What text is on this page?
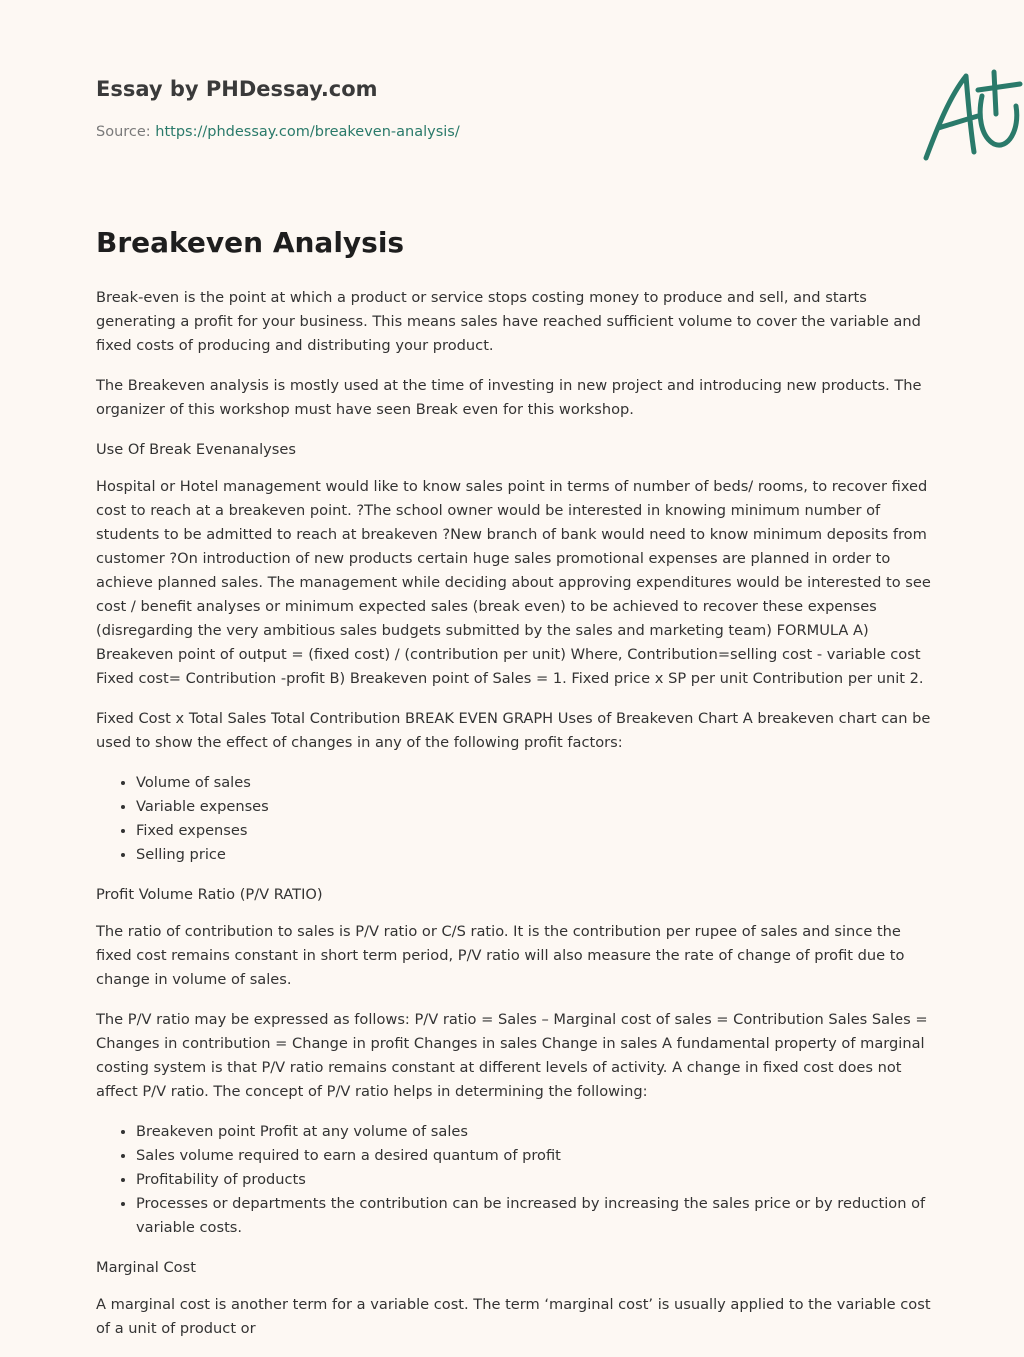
Essay by PHDessay.com
Source: https://phdessay.com/breakeven-analysis/
Breakeven Analysis

Break-even is the point at which a product or service stops costing money to produce and sell, and starts generating a profit for your business. This means sales have reached sufficient volume to cover the variable and fixed costs of producing and distributing your product.

The Breakeven analysis is mostly used at the time of investing in new project and introducing new products. The organizer of this workshop must have seen Break even for this workshop.

Use Of Break Evenanalyses

Hospital or Hotel management would like to know sales point in terms of number of beds/ rooms, to recover fixed cost to reach at a breakeven point. ?The school owner would be interested in knowing minimum number of students to be admitted to reach at breakeven ?New branch of bank would need to know minimum deposits from customer ?On introduction of new products certain huge sales promotional expenses are planned in order to achieve planned sales. The management while deciding about approving expenditures would be interested to see cost / benefit analyses or minimum expected sales (break even) to be achieved to recover these expenses (disregarding the very ambitious sales budgets submitted by the sales and marketing team) FORMULA A) Breakeven point of output = (fixed cost) / (contribution per unit) Where, Contribution=selling cost - variable cost Fixed cost= Contribution -profit B) Breakeven point of Sales = 1. Fixed price x SP per unit Contribution per unit 2.

Fixed Cost x Total Sales Total Contribution BREAK EVEN GRAPH Uses of Breakeven Chart A breakeven chart can be used to show the effect of changes in any of the following profit factors:

• Volume of sales
• Variable expenses
• Fixed expenses
• Selling price

Profit Volume Ratio (P/V RATIO)

The ratio of contribution to sales is P/V ratio or C/S ratio. It is the contribution per rupee of sales and since the fixed cost remains constant in short term period, P/V ratio will also measure the rate of change of profit due to change in volume of sales.

The P/V ratio may be expressed as follows: P/V ratio = Sales – Marginal cost of sales = Contribution Sales Sales = Changes in contribution = Change in profit Changes in sales Change in sales A fundamental property of marginal costing system is that P/V ratio remains constant at different levels of activity. A change in fixed cost does not affect P/V ratio. The concept of P/V ratio helps in determining the following:

• Breakeven point Profit at any volume of sales
• Sales volume required to earn a desired quantum of profit
• Profitability of products
• Processes or departments the contribution can be increased by increasing the sales price or by reduction of variable costs.

Marginal Cost

A marginal cost is another term for a variable cost. The term ‘marginal cost’ is usually applied to the variable cost of a unit of product or
